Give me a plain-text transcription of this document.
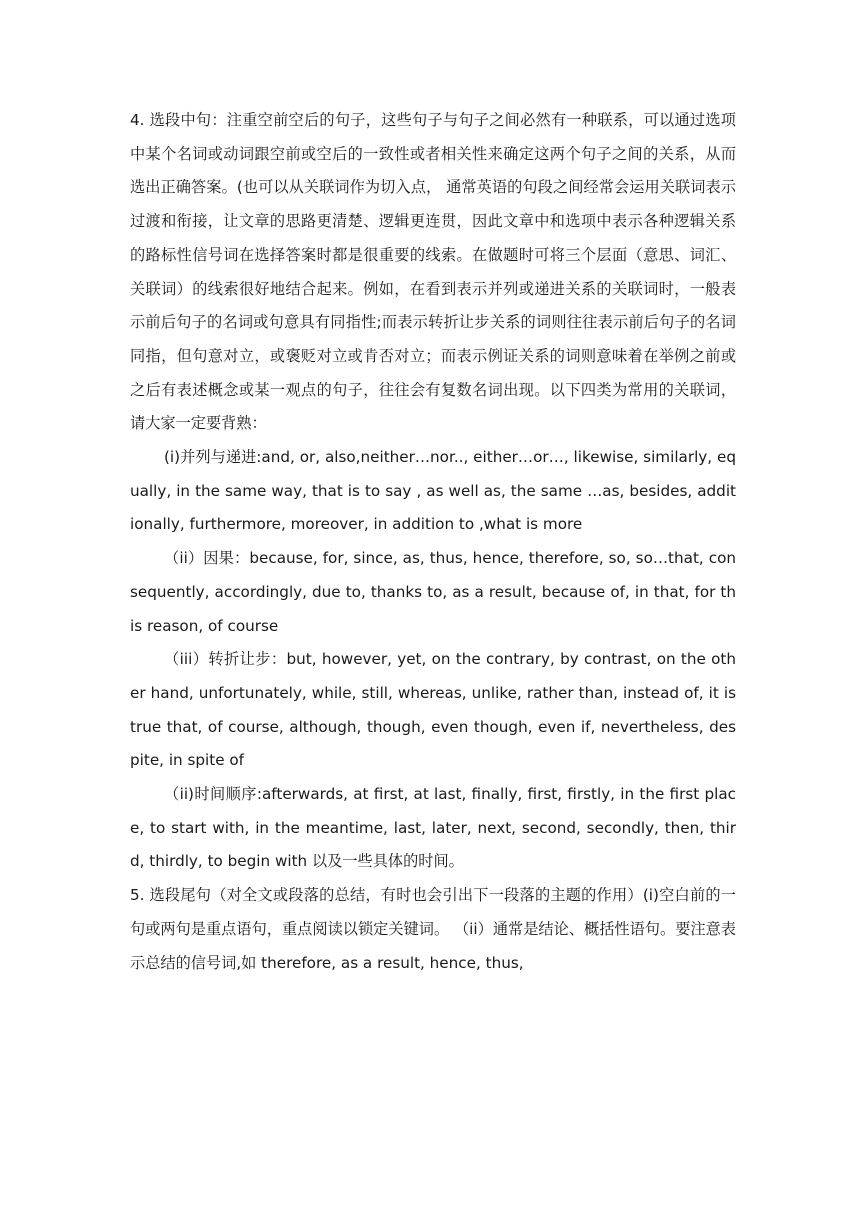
4. 选段中句：注重空前空后的句子，这些句子与句子之间必然有一种联系，可以通过选项中某个名词或动词跟空前或空后的一致性或者相关性来确定这两个句子之间的关系，从而选出正确答案。(也可以从关联词作为切入点， 通常英语的句段之间经常会运用关联词表示过渡和衔接，让文章的思路更清楚、逻辑更连贯，因此文章中和选项中表示各种逻辑关系的路标性信号词在选择答案时都是很重要的线索。在做题时可将三个层面（意思、词汇、关联词）的线索很好地结合起来。例如，在看到表示并列或递进关系的关联词时，一般表示前后句子的名词或句意具有同指性;而表示转折让步关系的词则往往表示前后句子的名词同指，但句意对立，或褒贬对立或肯否对立；而表示例证关系的词则意味着在举例之前或之后有表述概念或某一观点的句子，往往会有复数名词出现。以下四类为常用的关联词，请大家一定要背熟：

(i)并列与递进:and, or, also,neither…nor.., either…or…, likewise, similarly, equally, in the same way, that is to say , as well as, the same …as, besides, additionally, furthermore, moreover, in addition to ,what is more

（ii）因果：because, for, since, as, thus, hence, therefore, so, so…that, consequently, accordingly, due to, thanks to, as a result, because of, in that, for this reason, of course

（iii）转折让步：but, however, yet, on the contrary, by contrast, on the other hand, unfortunately, while, still, whereas, unlike, rather than, instead of, it is true that, of course, although, though, even though, even if, nevertheless, despite, in spite of

（ii)时间顺序:afterwards, at first, at last, finally, first, firstly, in the first place, to start with, in the meantime, last, later, next, second, secondly, then, third, thirdly, to begin with 以及一些具体的时间。

5. 选段尾句（对全文或段落的总结，有时也会引出下一段落的主题的作用）(i)空白前的一句或两句是重点语句，重点阅读以锁定关键词。 （ii）通常是结论、概括性语句。要注意表示总结的信号词,如 therefore, as a result, hence, thus,
